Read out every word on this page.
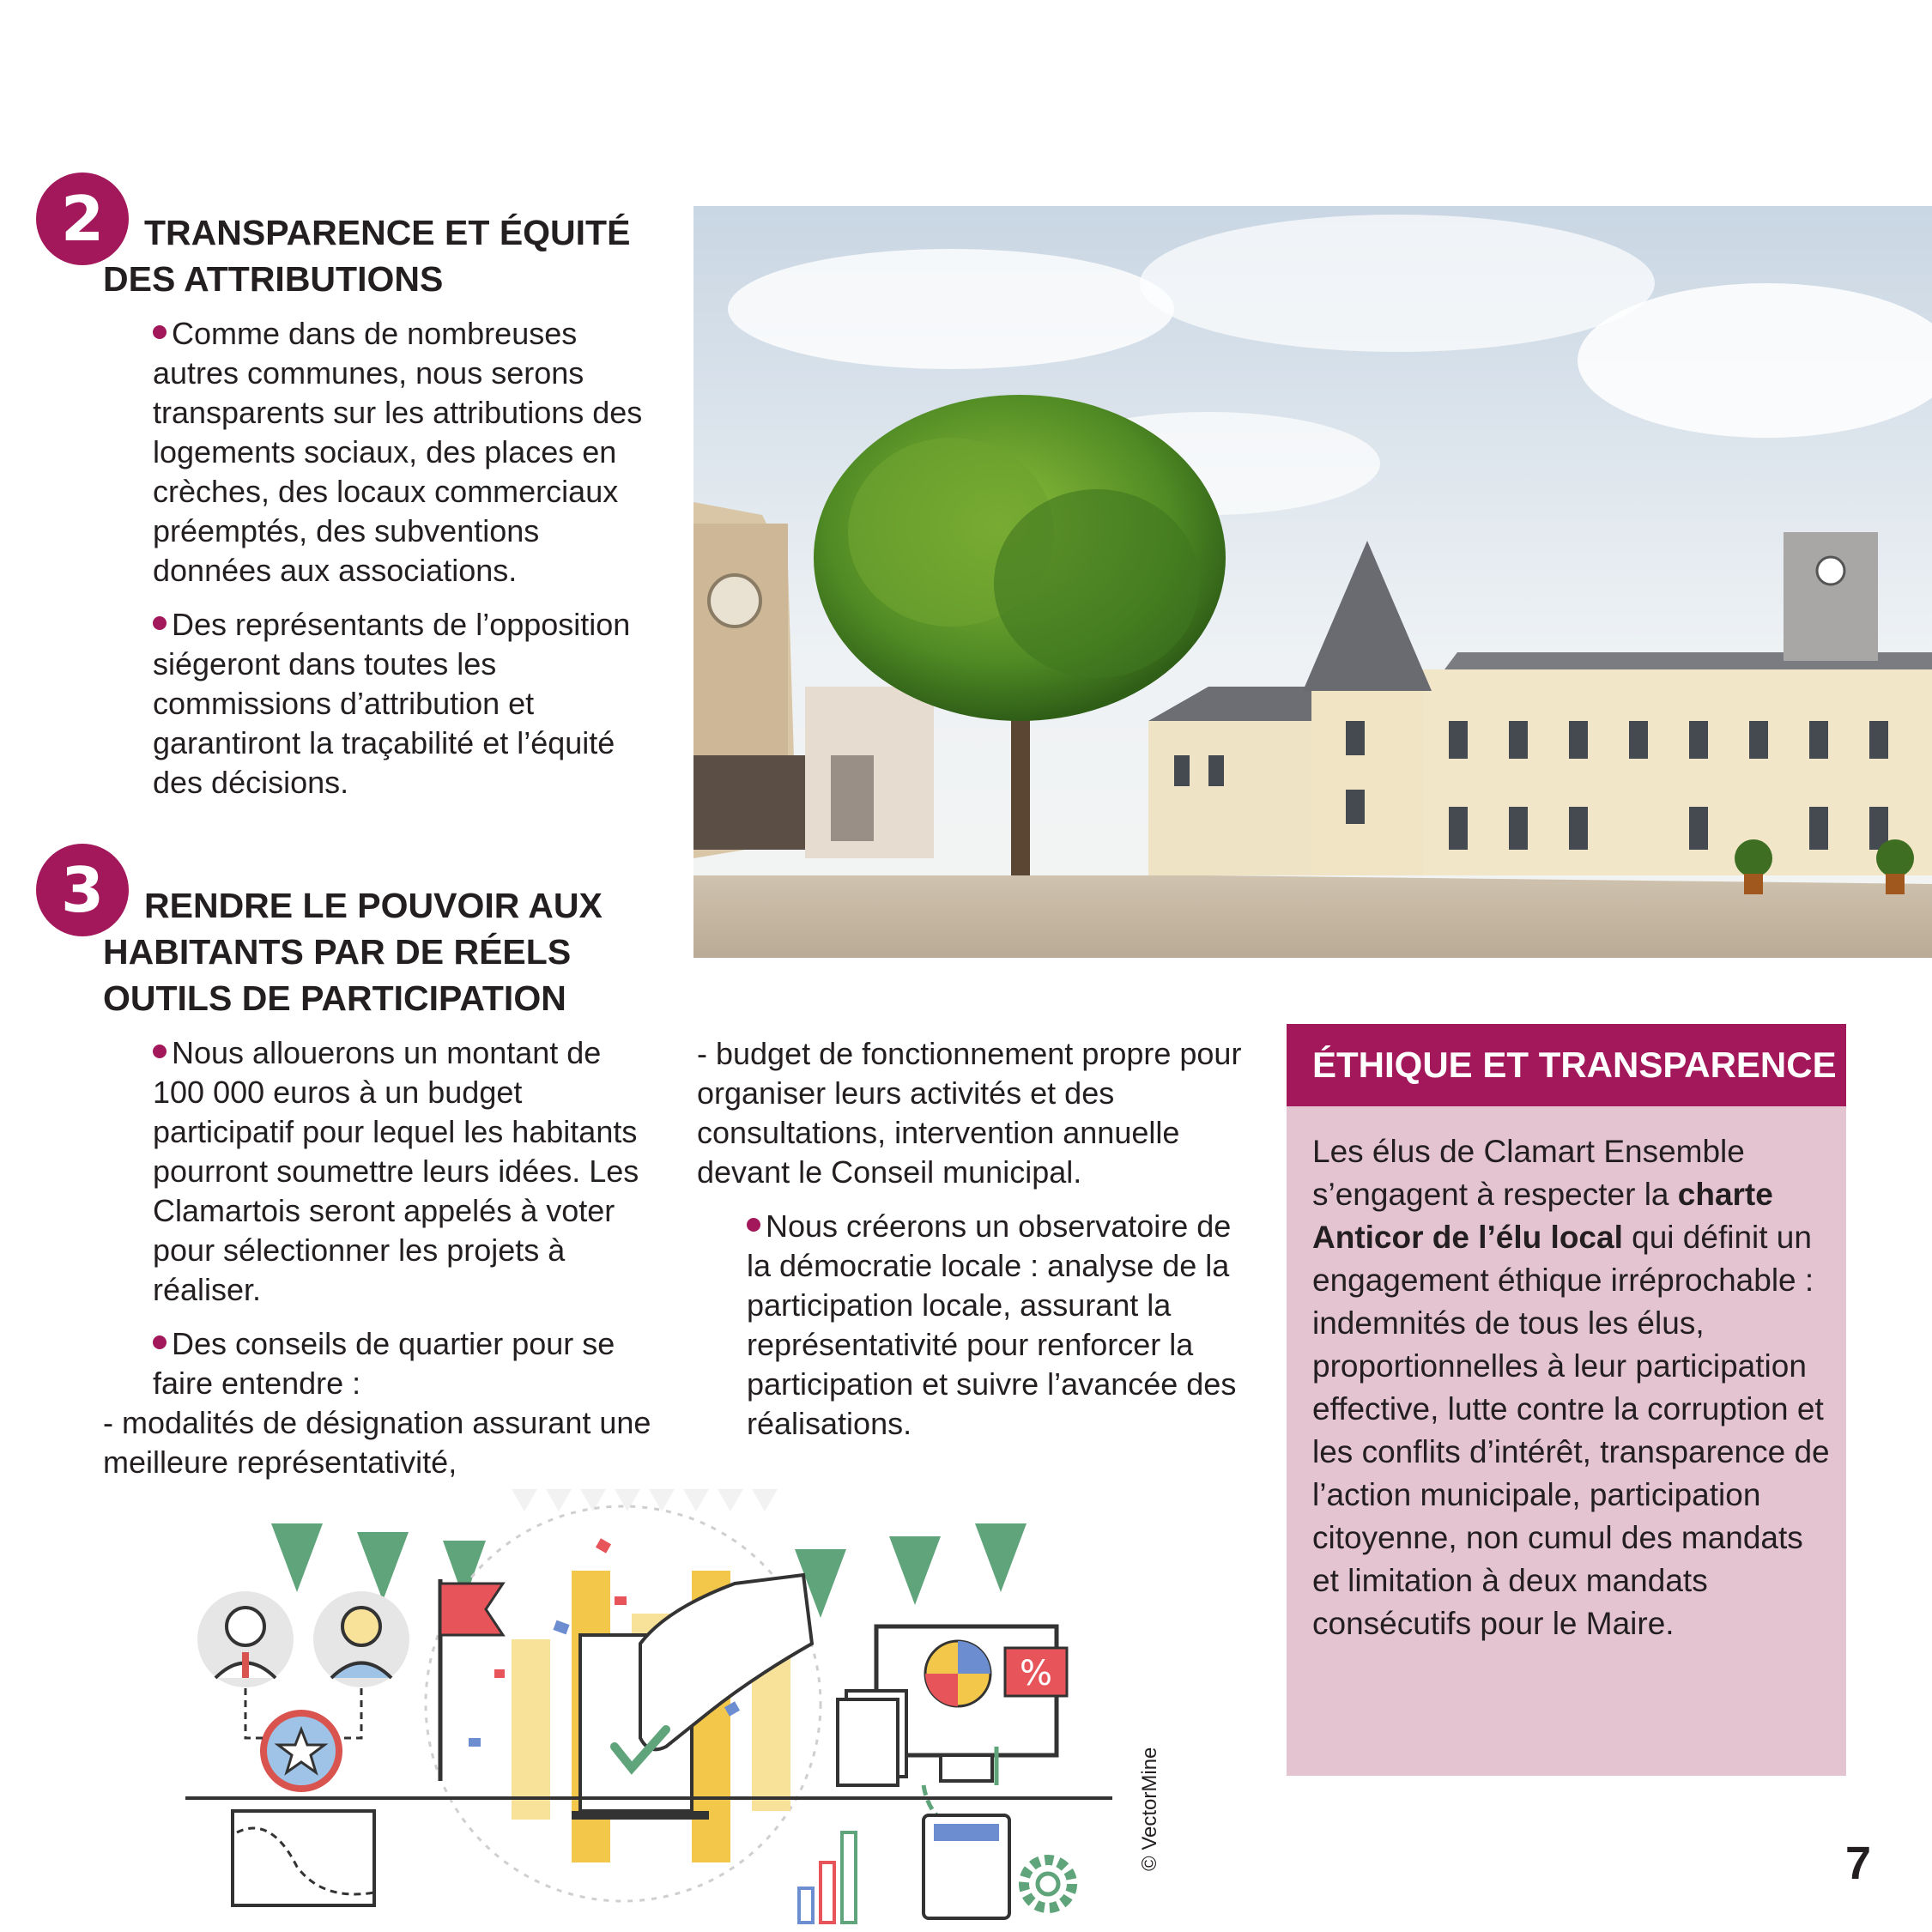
2	TRANSPARENCE ET ÉQUITÉ
DES ATTRIBUTIONS

Comme dans de nombreuses autres communes, nous serons transparents sur les attributions des logements sociaux, des places en crèches, des locaux commerciaux préemptés, des subventions données aux associations.

Des représentants de l’opposition siégeront dans toutes les commissions d’attribution et garantiront la traçabilité et l’équité des décisions.

3	RENDRE LE POUVOIR AUX
HABITANTS PAR DE RÉELS
OUTILS DE PARTICIPATION

Nous allouerons un montant de 100 000 euros à un budget participatif pour lequel les habitants pourront soumettre leurs idées. Les Clamartois seront appelés à voter pour sélectionner les projets à réaliser.

Des conseils de quartier pour se faire entendre :
- modalités de désignation assurant une meilleure représentativité,

- budget de fonctionnement propre pour organiser leurs activités et des consultations, intervention annuelle devant le Conseil municipal.

Nous créerons un observatoire de la démocratie locale : analyse de la participation locale, assurant la représentativité pour renforcer la participation et suivre l’avancée des réalisations.

ÉTHIQUE ET TRANSPARENCE
Les élus de Clamart Ensemble s’engagent à respecter la charte Anticor de l’élu local qui définit un engagement éthique irréprochable : indemnités de tous les élus, proportionnelles à leur participation effective, lutte contre la corruption et les conflits d’intérêt, transparence de l’action municipale, participation citoyenne, non cumul des mandats et limitation à deux mandats consécutifs pour le Maire.
%
© VectorMine	7
